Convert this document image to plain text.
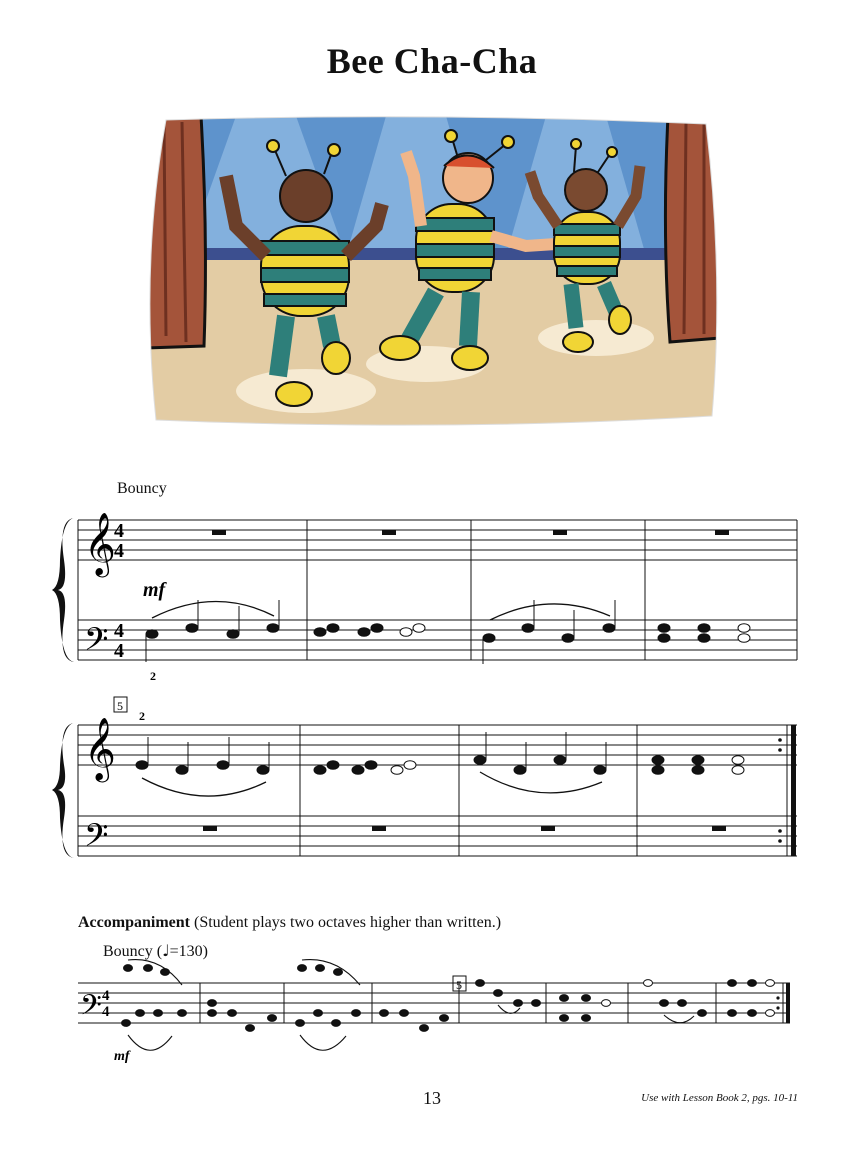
Bee Cha-Cha
Bouncy
𝄞
𝄢
4
4
4
4
mf
2
𝄞
𝄢
5
2
𝄢 4
4
mf
5
Accompaniment (Student plays two octaves higher than written.)
Bouncy (♩=130)
13	Use with Lesson Book 2, pgs. 10-11
